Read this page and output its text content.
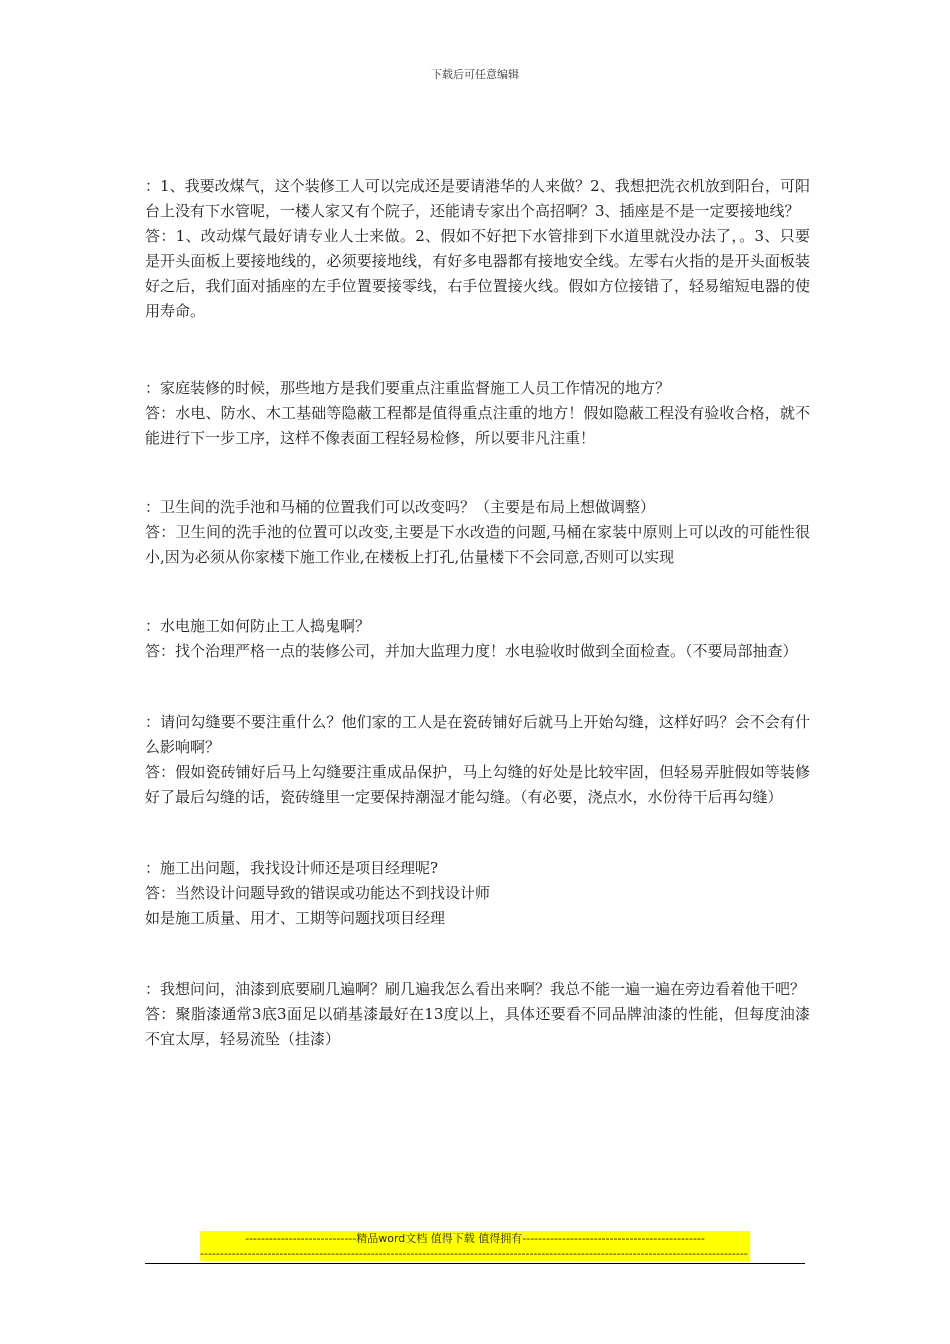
下载后可任意编辑

：1、我要改煤气，这个装修工人可以完成还是要请港华的人来做？2、我想把洗衣机放到阳台，可阳台上没有下水管呢，一楼人家又有个院子，还能请专家出个高招啊？3、插座是不是一定要接地线？

答：1、改动煤气最好请专业人士来做。2、假如不好把下水管排到下水道里就没办法了，。3、只要是开头面板上要接地线的，必须要接地线，有好多电器都有接地安全线。左零右火指的是开头面板装好之后，我们面对插座的左手位置要接零线，右手位置接火线。假如方位接错了，轻易缩短电器的使用寿命。

：家庭装修的时候，那些地方是我们要重点注重监督施工人员工作情况的地方？

答：水电、防水、木工基础等隐蔽工程都是值得重点注重的地方！假如隐蔽工程没有验收合格，就不能进行下一步工序，这样不像表面工程轻易检修，所以要非凡注重！

：卫生间的洗手池和马桶的位置我们可以改变吗？（主要是布局上想做调整）

答：卫生间的洗手池的位置可以改变,主要是下水改造的问题,马桶在家装中原则上可以改的可能性很小,因为必须从你家楼下施工作业,在楼板上打孔,估量楼下不会同意,否则可以实现

：水电施工如何防止工人捣鬼啊？

答：找个治理严格一点的装修公司，并加大监理力度！水电验收时做到全面检查。（不要局部抽查）

：请问勾缝要不要注重什么？他们家的工人是在瓷砖铺好后就马上开始勾缝，这样好吗？会不会有什么影响啊？

答：假如瓷砖铺好后马上勾缝要注重成品保护，马上勾缝的好处是比较牢固，但轻易弄脏假如等装修好了最后勾缝的话，瓷砖缝里一定要保持潮湿才能勾缝。（有必要，浇点水，水份待干后再勾缝）

：施工出问题，我找设计师还是项目经理呢?

答：当然设计问题导致的错误或功能达不到找设计师

如是施工质量、用才、工期等问题找项目经理

：我想问问，油漆到底要刷几遍啊？刷几遍我怎么看出来啊？我总不能一遍一遍在旁边看着他干吧？

答：聚脂漆通常3底3面足以硝基漆最好在13度以上，具体还要看不同品牌油漆的性能，但每度油漆不宜太厚，轻易流坠（挂漆）

----------------------------精品word文档 值得下载 值得拥有----------------------------------------------
------------------------------------------------------------------------------------------------------------------------------------------
